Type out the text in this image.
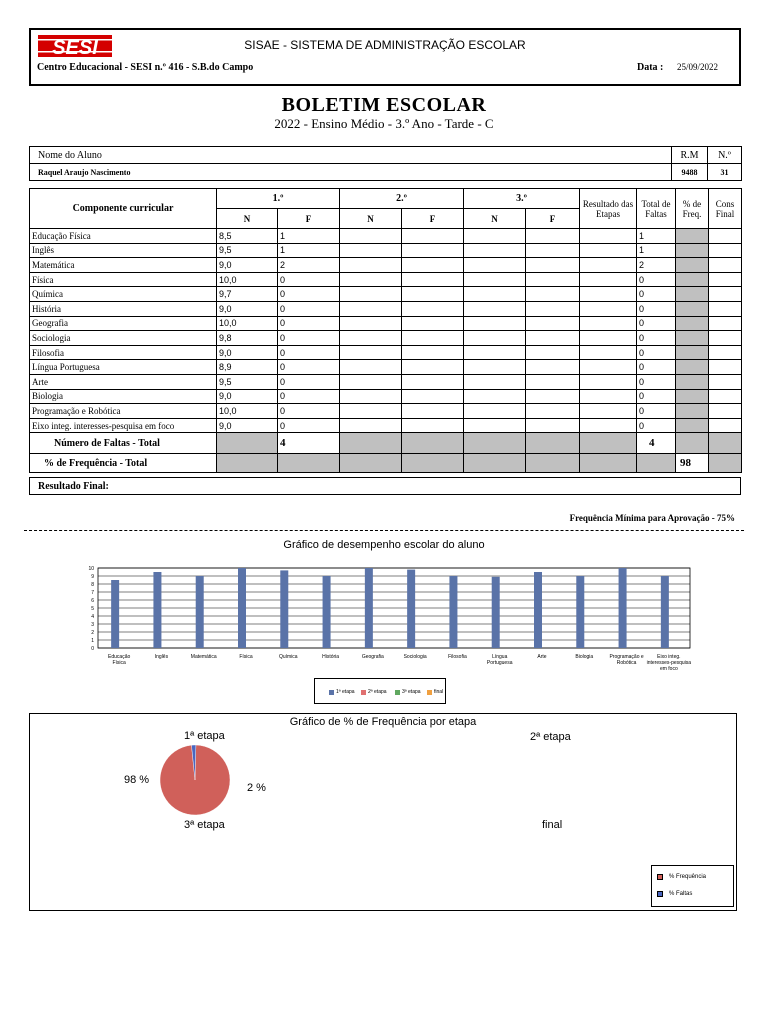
SESI	SISAE - SISTEMA DE ADMINISTRAÇÃO ESCOLAR
Centro Educacional - SESI n.º 416 - S.B.do Campo	Data : 25/09/2022
BOLETIM ESCOLAR
2022 - Ensino Médio - 3.º Ano - Tarde - C
Nome do Aluno	R.M	N.º
Raquel Araujo Nascimento	9488	31
Componente curricular	1.º		2.º		3.º		Resultado das Etapas	Total de Faltas	% de Freq.	Cons Final
	N	F	N	F	N	F				
Educação Física	8,5	1						1		
Inglês	9,5	1						1		
Matemática	9,0	2						2		
Física	10,0	0						0		
Química	9,7	0						0		
História	9,0	0						0		
Geografia	10,0	0						0		
Sociologia	9,8	0						0		
Filosofia	9,0	0						0		
Língua Portuguesa	8,9	0						0		
Arte	9,5	0						0		
Biologia	9,0	0						0		
Programação e Robótica	10,0	0						0		
Eixo integ. interesses-pesquisa em foco	9,0	0						0		
Número de Faltas - Total		4						4		
% de Frequência - Total									98	
Resultado Final:
Frequência Mínima para Aprovação - 75%
Gráfico de desempenho escolar do aluno
0
1
2
3
4
5
6
7
8
9
10
Educação Física
Inglês	Matemática	Física	Química	História	Geografia	Sociologia	Filosofia	Língua Portuguesa
Arte	Biologia	Programação e Robótica
Eixo integ. interesses-pesquisa em foco
1ª etapa	2ª etapa	3ª etapa	final
Gráfico de % de Frequência por etapa
1ª etapa	2ª etapa
3ª etapa	final
98 %
2 %
% Frequência
% Faltas
